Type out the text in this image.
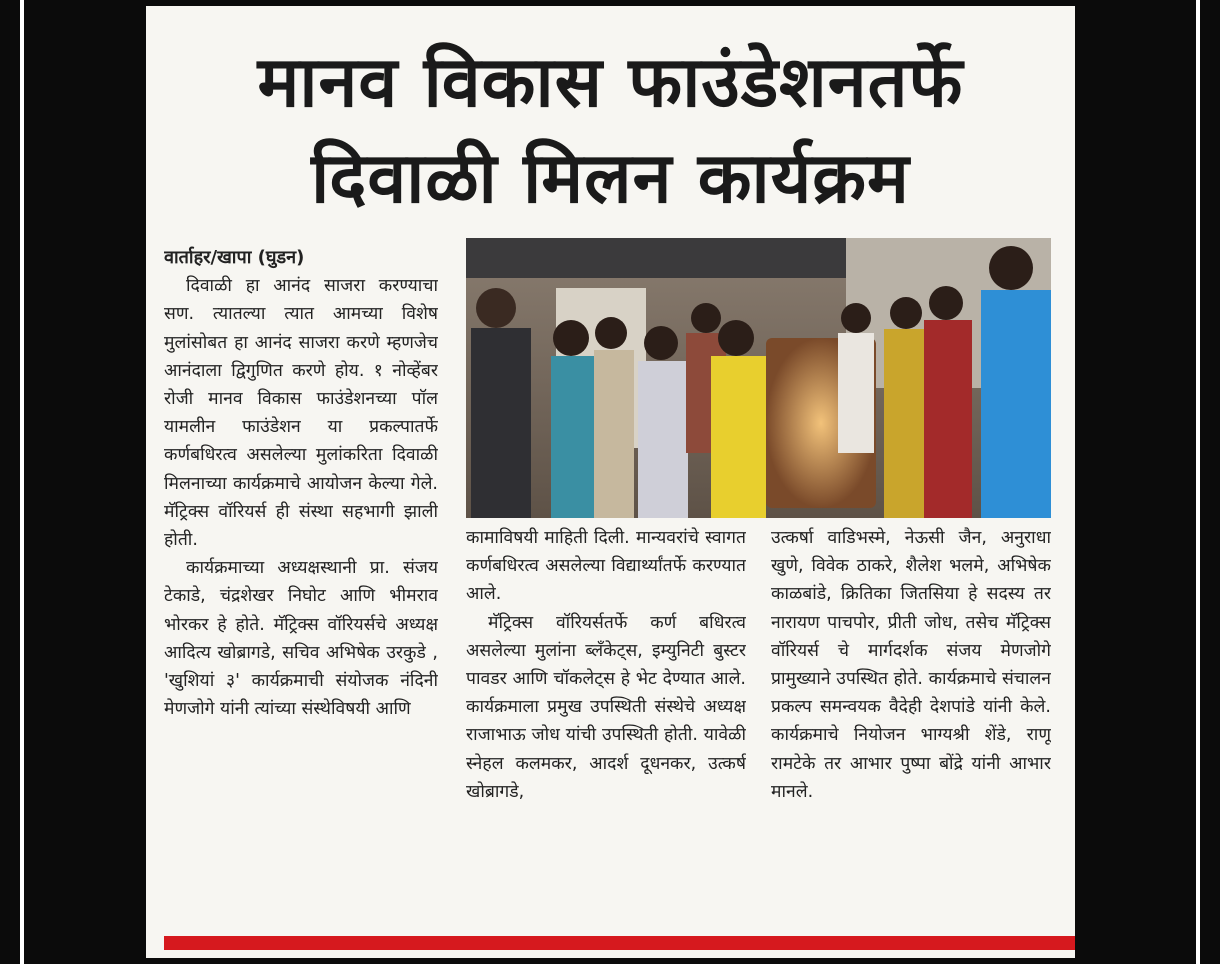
मानव विकास फाउंडेशनतर्फे
दिवाळी मिलन कार्यक्रम
वार्ताहर/खापा (घुडन)

दिवाळी हा आनंद साजरा करण्याचा सण. त्यातल्या त्यात आमच्या विशेष मुलांसोबत हा आनंद साजरा करणे म्हणजेच आनंदाला द्विगुणित करणे होय. १ नोव्हेंबर रोजी मानव विकास फाउंडेशनच्या पॉल यामलीन फाउंडेशन या प्रकल्पातर्फे कर्णबधिरत्व असलेल्या मुलांकरिता दिवाळी मिलनाच्या कार्यक्रमाचे आयोजन केल्या गेले. मॅट्रिक्स वॉरियर्स ही संस्था सहभागी झाली होती.

कार्यक्रमाच्या अध्यक्षस्थानी प्रा. संजय टेकाडे, चंद्रशेखर निघोट आणि भीमराव भोरकर हे होते. मॅट्रिक्स वॉरियर्सचे अध्यक्ष आदित्य खोब्रागडे, सचिव अभिषेक उरकुडे , 'खुशियां ३' कार्यक्रमाची संयोजक नंदिनी मेणजोगे यांनी त्यांच्या संस्थेविषयी आणि

कामाविषयी माहिती दिली. मान्यवरांचे स्वागत कर्णबधिरत्व असलेल्या विद्यार्थ्यांतर्फे करण्यात आले.

मॅट्रिक्स वॉरियर्सतर्फे कर्ण बधिरत्व असलेल्या मुलांना ब्लॅंकेट्स, इम्युनिटी बुस्टर पावडर आणि चॉकलेट्स हे भेट देण्यात आले. कार्यक्रमाला प्रमुख उपस्थिती संस्थेचे अध्यक्ष राजाभाऊ जोध यांची उपस्थिती होती. यावेळी स्नेहल कलमकर, आदर्श दूधनकर, उत्कर्ष खोब्रागडे,

उत्कर्षा वाडिभस्मे, नेऊसी जैन, अनुराधा खुणे, विवेक ठाकरे, शैलेश भलमे, अभिषेक काळबांडे, क्रितिका जितसिया हे सदस्य तर नारायण पाचपोर, प्रीती जोध, तसेच मॅट्रिक्स वॉरियर्स चे मार्गदर्शक संजय मेणजोगे प्रामुख्याने उपस्थित होते. कार्यक्रमाचे संचालन प्रकल्प समन्वयक वैदेही देशपांडे यांनी केले. कार्यक्रमाचे नियोजन भाग्यश्री शेंडे, राणू रामटेके तर आभार पुष्पा बोंद्रे यांनी आभार मानले.
